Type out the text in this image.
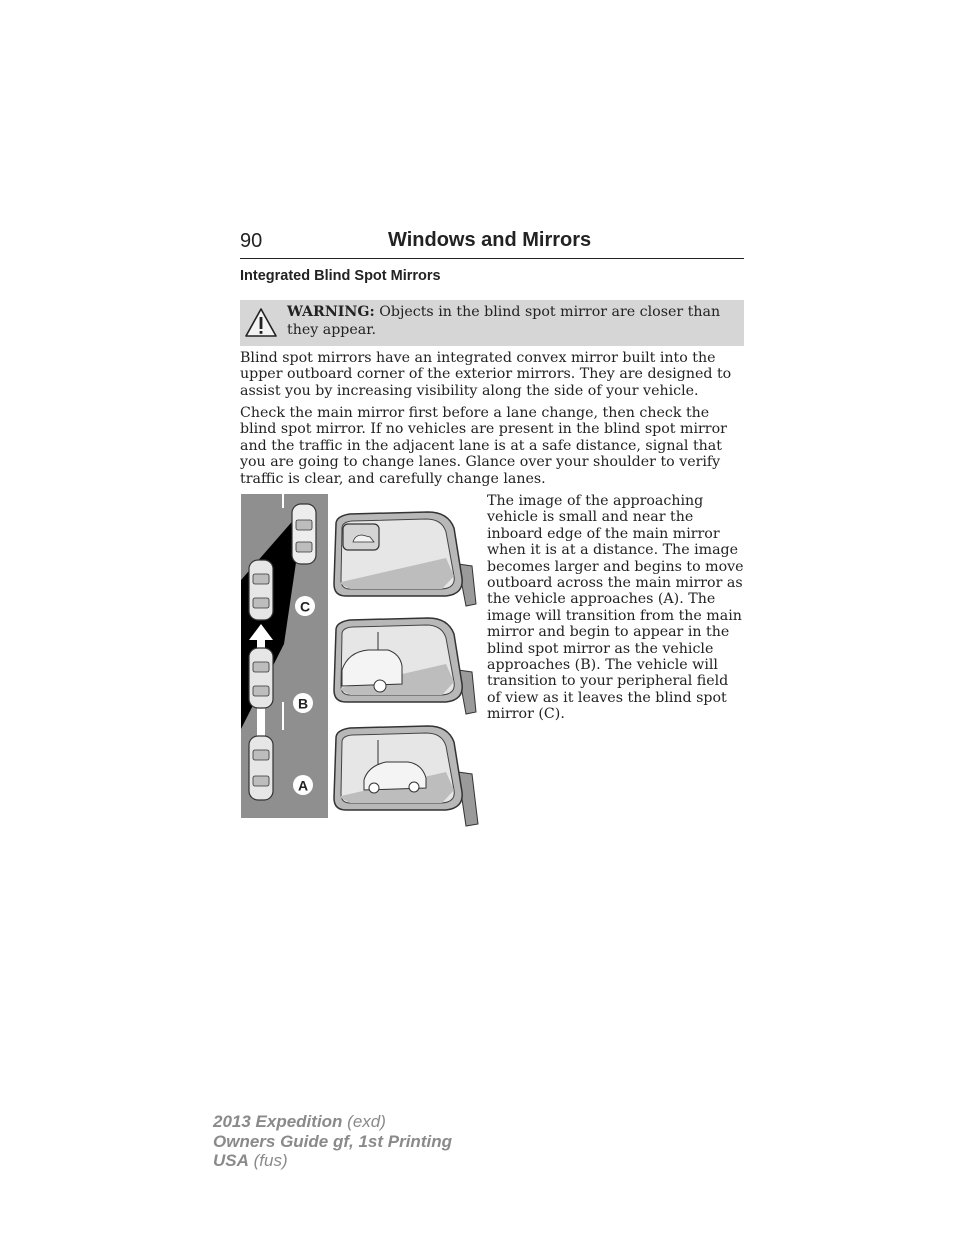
90	Windows and Mirrors
Integrated Blind Spot Mirrors
WARNING: Objects in the blind spot mirror are closer than they appear.
Blind spot mirrors have an integrated convex mirror built into the upper outboard corner of the exterior mirrors. They are designed to assist you by increasing visibility along the side of your vehicle.
Check the main mirror first before a lane change, then check the blind spot mirror. If no vehicles are present in the blind spot mirror and the traffic in the adjacent lane is at a safe distance, signal that you are going to change lanes. Glance over your shoulder to verify traffic is clear, and carefully change lanes.
The image of the approaching vehicle is small and near the inboard edge of the main mirror when it is at a distance. The image becomes larger and begins to move outboard across the main mirror as the vehicle approaches (A). The image will transition from the main mirror and begin to appear in the blind spot mirror as the vehicle approaches (B). The vehicle will transition to your peripheral field of view as it leaves the blind spot mirror (C).
C
B
A
2013 Expedition (exd)
Owners Guide gf, 1st Printing
USA (fus)
